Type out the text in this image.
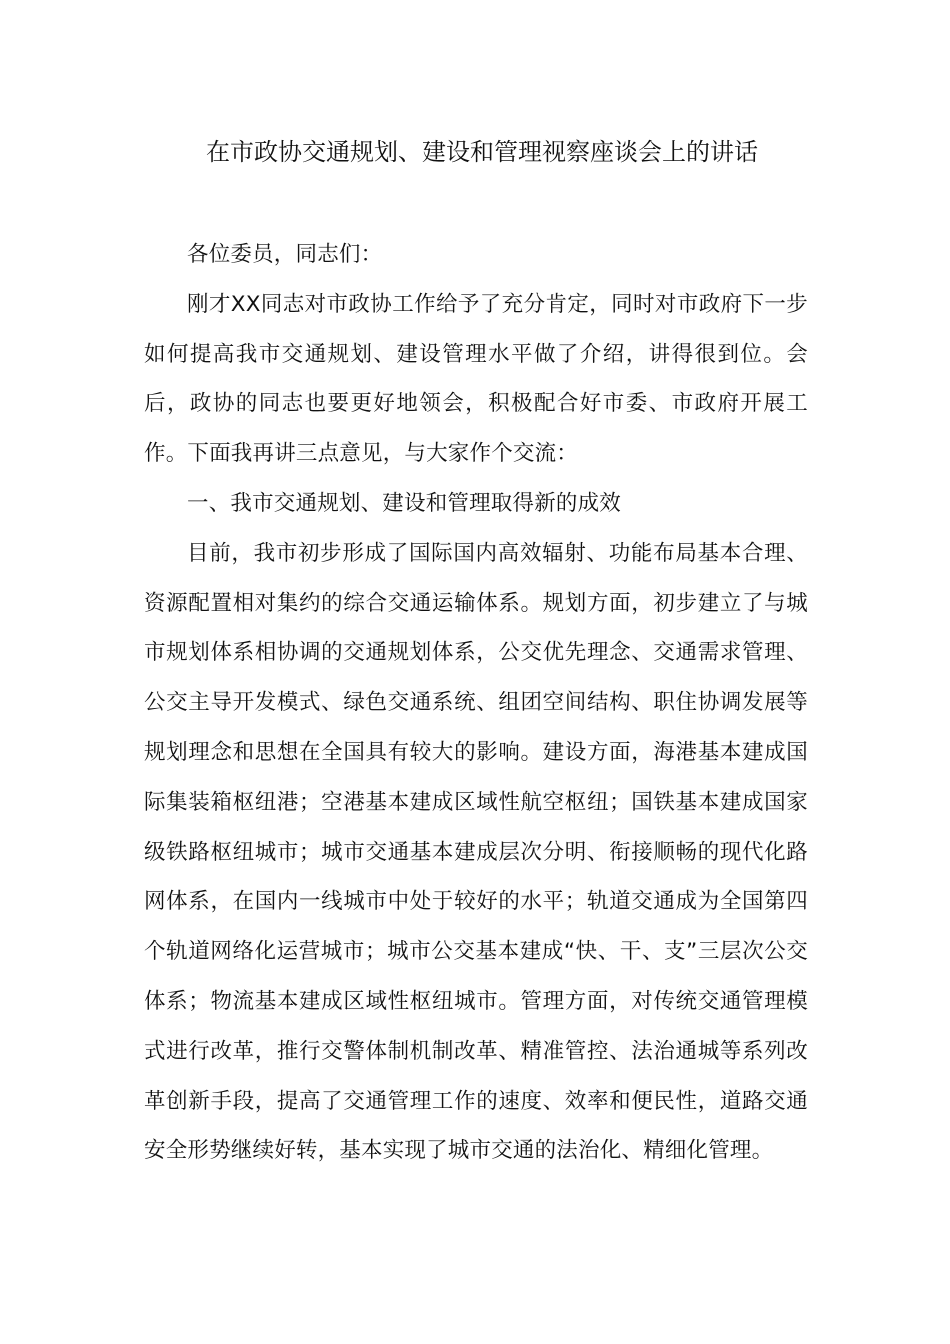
在市政协交通规划、建设和管理视察座谈会上的讲话

各位委员，同志们：

刚才XX同志对市政协工作给予了充分肯定，同时对市政府下一步如何提高我市交通规划、建设管理水平做了介绍，讲得很到位。会后，政协的同志也要更好地领会，积极配合好市委、市政府开展工作。下面我再讲三点意见，与大家作个交流：

一、我市交通规划、建设和管理取得新的成效

目前，我市初步形成了国际国内高效辐射、功能布局基本合理、资源配置相对集约的综合交通运输体系。规划方面，初步建立了与城市规划体系相协调的交通规划体系，公交优先理念、交通需求管理、公交主导开发模式、绿色交通系统、组团空间结构、职住协调发展等规划理念和思想在全国具有较大的影响。建设方面，海港基本建成国际集装箱枢纽港；空港基本建成区域性航空枢纽；国铁基本建成国家级铁路枢纽城市；城市交通基本建成层次分明、衔接顺畅的现代化路网体系，在国内一线城市中处于较好的水平；轨道交通成为全国第四个轨道网络化运营城市；城市公交基本建成“快、干、支”三层次公交体系；物流基本建成区域性枢纽城市。管理方面，对传统交通管理模式进行改革，推行交警体制机制改革、精准管控、法治通城等系列改革创新手段，提高了交通管理工作的速度、效率和便民性，道路交通安全形势继续好转，基本实现了城市交通的法治化、精细化管理。
